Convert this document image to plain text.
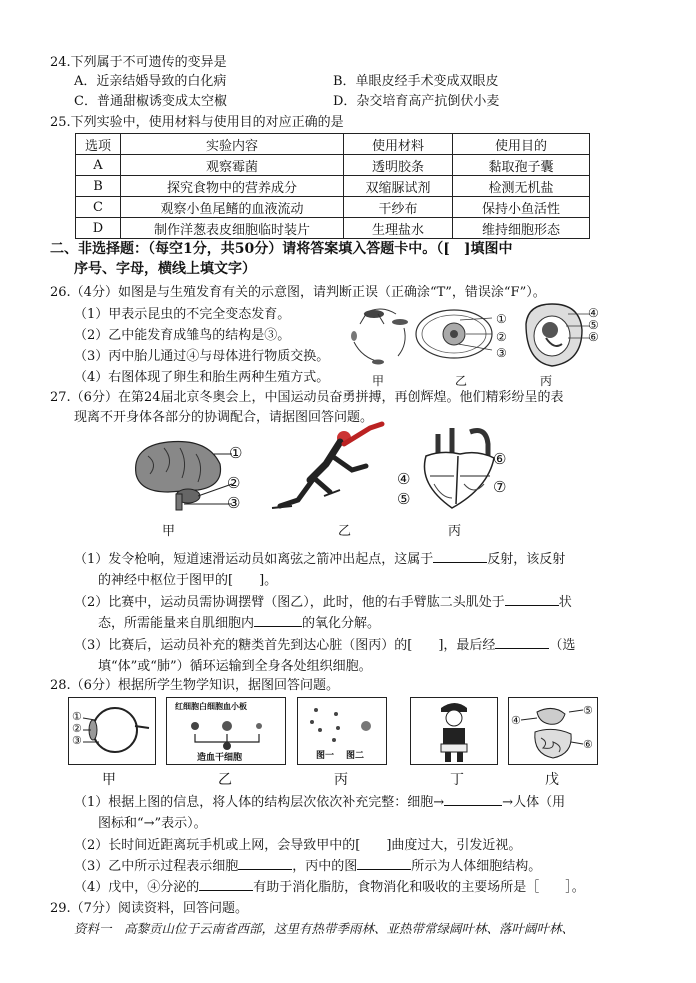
24.下列属于不可遗传的变异是
A．近亲结婚导致的白化病	B．单眼皮经手术变成双眼皮
C．普通甜椒诱变成太空椒	D．杂交培育高产抗倒伏小麦
25.下列实验中，使用材料与使用目的对应正确的是
选项	实验内容	使用材料	使用目的
A	观察霉菌	透明胶条	黏取孢子囊
B	探究食物中的营养成分	双缩脲试剂	检测无机盐
C	观察小鱼尾鳍的血液流动	干纱布	保持小鱼活性
D	制作洋葱表皮细胞临时装片	生理盐水	维持细胞形态
二、非选择题：（每空1分，共50分）请将答案填入答题卡中。（[　]填图中
序号、字母，横线上填文字）
26.（4分）如图是与生殖发育有关的示意图，请判断正误（正确涂“T”，错误涂“F”）。
（1）甲表示昆虫的不完全变态发育。
（2）乙中能发育成雏鸟的结构是③。
（3）丙中胎儿通过④与母体进行物质交换。
（4）右图体现了卵生和胎生两种生殖方式。	甲
①
②
③
乙
④
⑤
⑥
丙
27.（6分）在第24届北京冬奥会上，中国运动员奋勇拼搏，再创辉煌。他们精彩纷呈的表
现离不开身体各部分的协调配合，请据图回答问题。
①
②
③
甲	乙
④
⑤
⑥
⑦
丙
（1）发令枪响，短道速滑运动员如离弦之箭冲出起点，这属于	反射，该反射
的神经中枢位于图甲的[　　]。
（2）比赛中，运动员需协调摆臂（图乙），此时，他的右手臂肱二头肌处于	状
态，所需能量来自肌细胞内	的氧化分解。
（3）比赛后，运动员补充的糖类首先到达心脏（图丙）的[　　]，最后经	（选
填“体”或“肺”）循环运输到全身各处组织细胞。
28.（6分）根据所学生物学知识，据图回答问题。
①
②
③
红细胞白细胞血小板
造血干细胞	图一 图二
④
⑤
⑥
甲	乙	丙	丁	戊
（1）根据上图的信息，将人体的结构层次依次补充完整：细胞→	→人体（用
图标和“→”表示）。
（2）长时间近距离玩手机或上网，会导致甲中的[　　]曲度过大，引发近视。
（3）乙中所示过程表示细胞	，丙中的图	所示为人体细胞结构。
（4）戊中，④分泌的	有助于消化脂肪，食物消化和吸收的主要场所是［　　］。
29.（7分）阅读资料，回答问题。
资料一　高黎贡山位于云南省西部，这里有热带季雨林、亚热带常绿阔叶林、落叶阔叶林、
